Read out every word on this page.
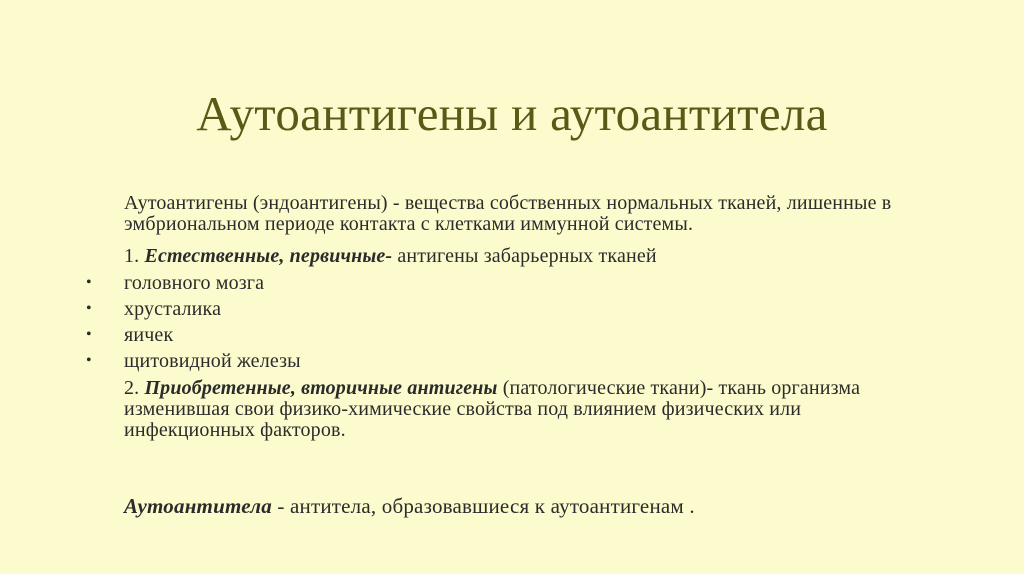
Аутоантигены и аутоантитела

Аутоантигены (эндоантигены) - вещества собственных нормальных тканей, лишенные в эмбриональном периоде контакта с клетками иммунной системы.

1. Естественные, первичные- антигены забарьерных тканей

• головного мозга
• хрусталика
• яичек
• щитовидной железы

2. Приобретенные, вторичные антигены (патологические ткани)- ткань организма изменившая свои физико-химические свойства под влиянием физических или инфекционных факторов.

Аутоантитела - антитела, образовавшиеся к аутоантигенам .
